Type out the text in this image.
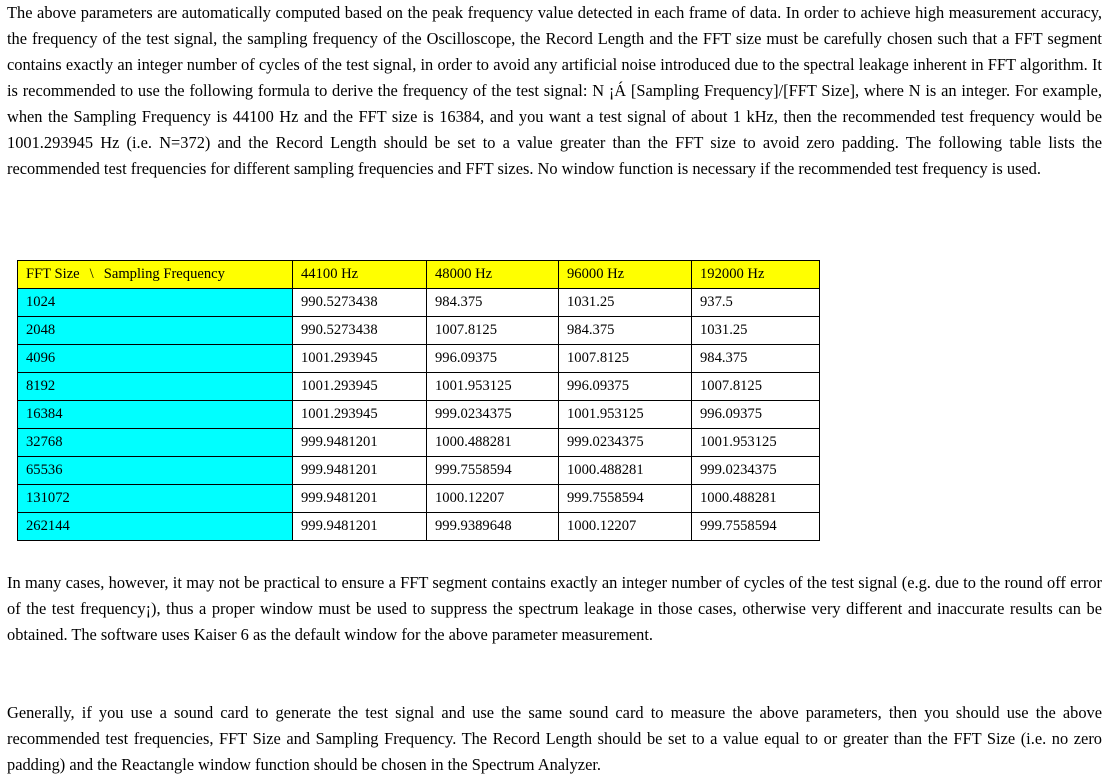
The above parameters are automatically computed based on the peak frequency value detected in each frame of data. In order to achieve high measurement accuracy, the frequency of the test signal, the sampling frequency of the Oscilloscope, the Record Length and the FFT size must be carefully chosen such that a FFT segment contains exactly an integer number of cycles of the test signal, in order to avoid any artificial noise introduced due to the spectral leakage inherent in FFT algorithm. It is recommended to use the following formula to derive the frequency of the test signal: N ¡Á [Sampling Frequency]/[FFT Size], where N is an integer. For example, when the Sampling Frequency is 44100 Hz and the FFT size is 16384, and you want a test signal of about 1 kHz, then the recommended test frequency would be 1001.293945 Hz (i.e. N=372) and the Record Length should be set to a value greater than the FFT size to avoid zero padding. The following table lists the recommended test frequencies for different sampling frequencies and FFT sizes. No window function is necessary if the recommended test frequency is used.

FFT Size \ Sampling Frequency	44100 Hz	48000 Hz	96000 Hz	192000 Hz
1024	990.5273438	984.375	1031.25	937.5
2048	990.5273438	1007.8125	984.375	1031.25
4096	1001.293945	996.09375	1007.8125	984.375
8192	1001.293945	1001.953125	996.09375	1007.8125
16384	1001.293945	999.0234375	1001.953125	996.09375
32768	999.9481201	1000.488281	999.0234375	1001.953125
65536	999.9481201	999.7558594	1000.488281	999.0234375
131072	999.9481201	1000.12207	999.7558594	1000.488281
262144	999.9481201	999.9389648	1000.12207	999.7558594

In many cases, however, it may not be practical to ensure a FFT segment contains exactly an integer number of cycles of the test signal (e.g. due to the round off error of the test frequency¡), thus a proper window must be used to suppress the spectrum leakage in those cases, otherwise very different and inaccurate results can be obtained. The software uses Kaiser 6 as the default window for the above parameter measurement.

Generally, if you use a sound card to generate the test signal and use the same sound card to measure the above parameters, then you should use the above recommended test frequencies, FFT Size and Sampling Frequency. The Record Length should be set to a value equal to or greater than the FFT Size (i.e. no zero padding) and the Reactangle window function should be chosen in the Spectrum Analyzer.
